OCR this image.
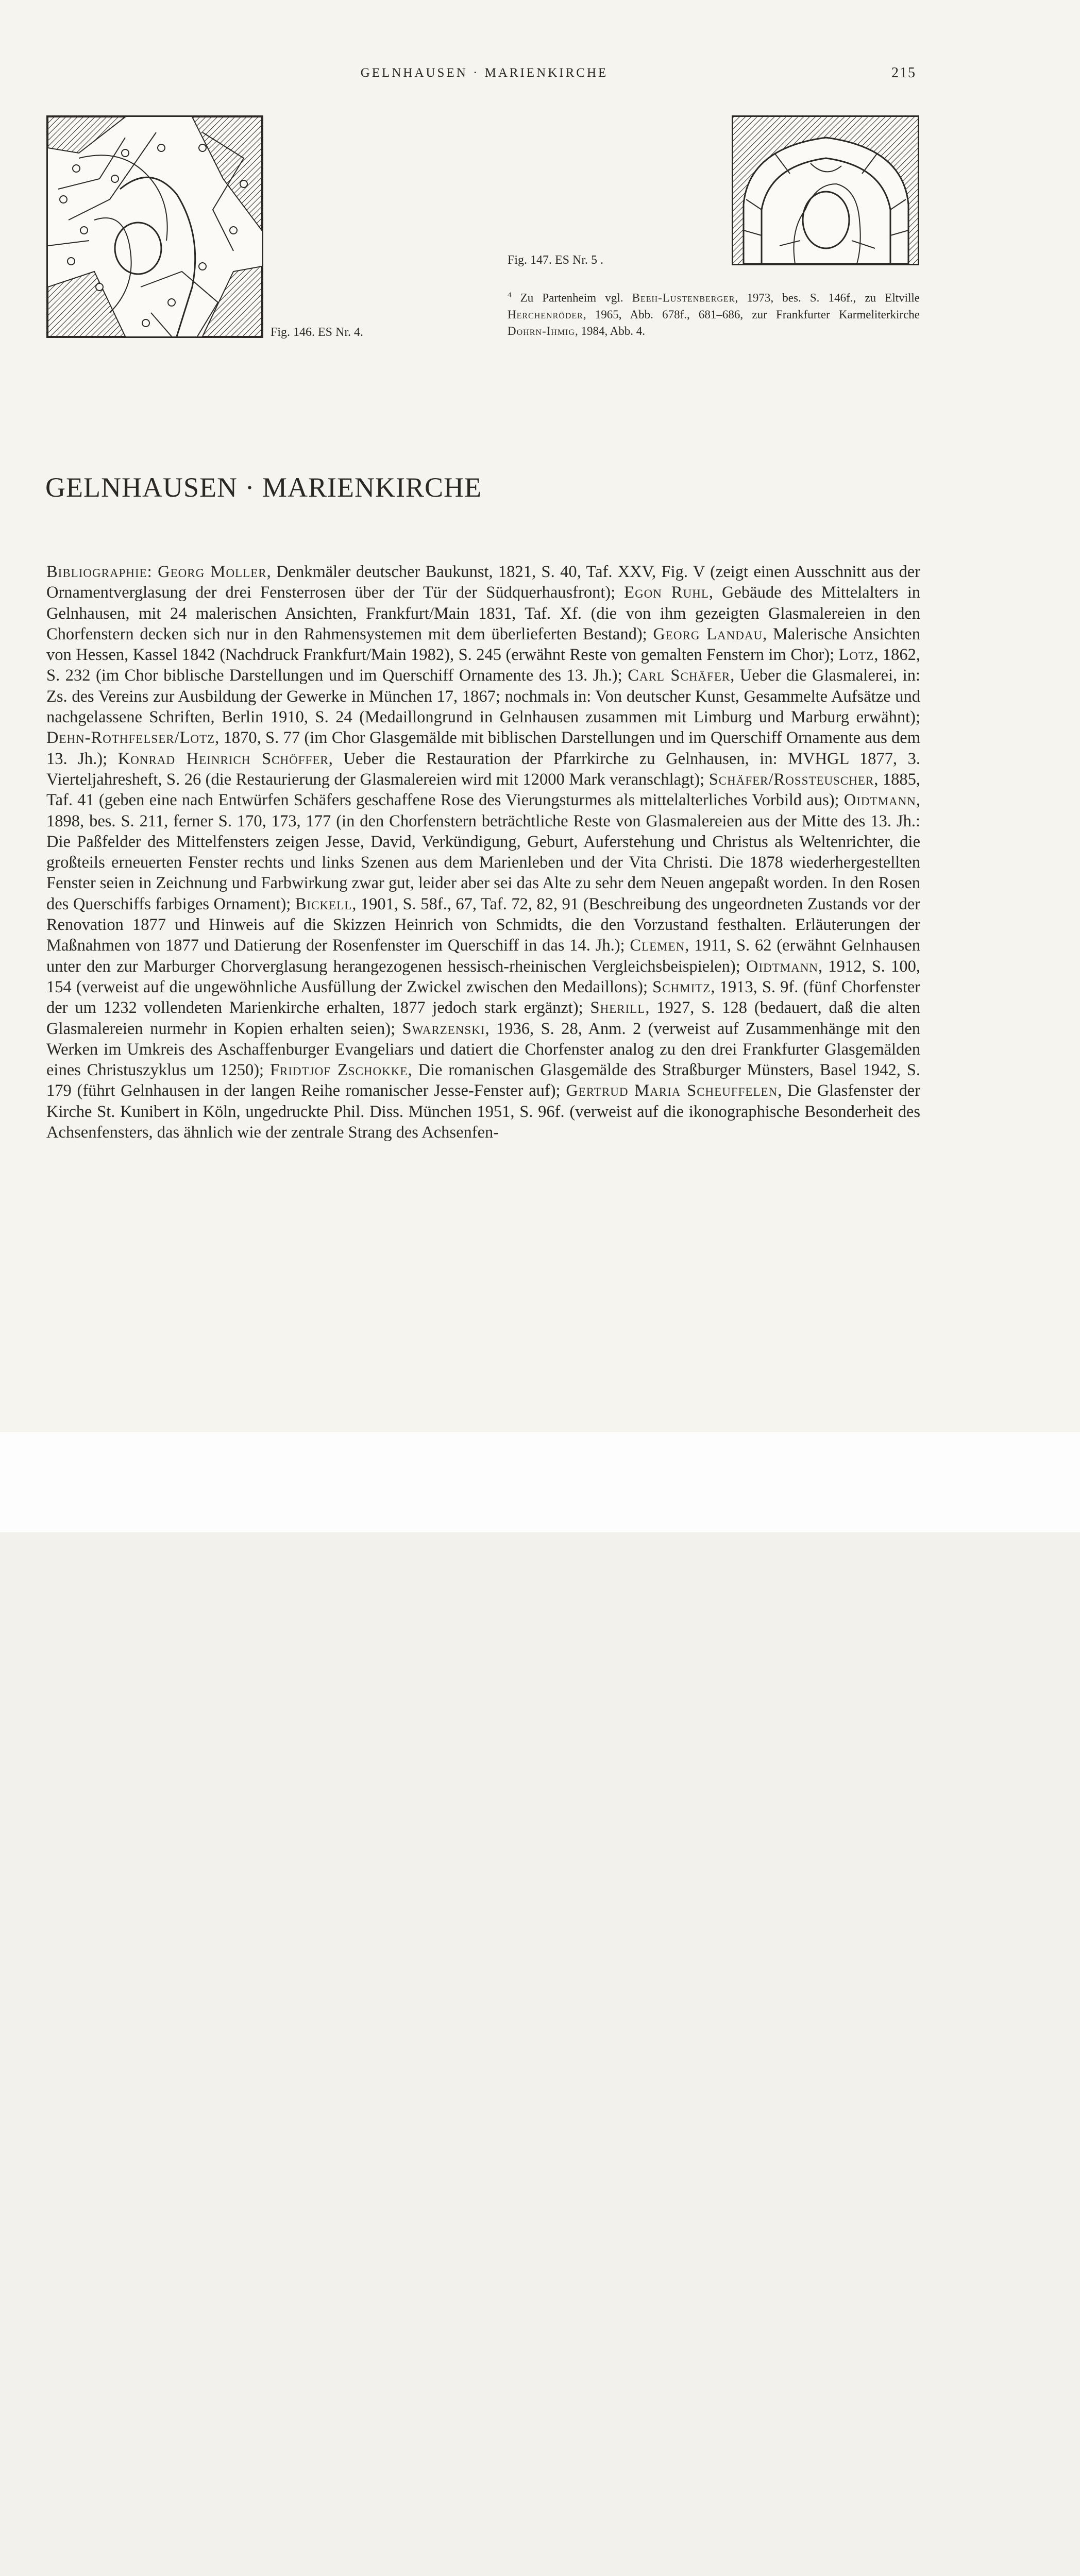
GELNHAUSEN · MARIENKIRCHE	215
Fig. 146. ES Nr. 4.
Fig. 147. ES Nr. 5 .
$^4$ Zu Partenheim vgl. Beeh-Lustenberger, 1973, bes. S. 146f., zu Eltville Herchenröder, 1965, Abb. 678f., 681–686, zur Frankfurter Karmeliterkirche Dohrn-Ihmig, 1984, Abb. 4.
GELNHAUSEN · MARIENKIRCHE
Bibliographie: Georg Moller, Denkmäler deutscher Baukunst, 1821, S. 40, Taf. XXV, Fig. V (zeigt einen Ausschnitt aus der Ornamentverglasung der drei Fensterrosen über der Tür der Südquerhausfront); Egon Ruhl, Gebäude des Mittelalters in Gelnhausen, mit 24 malerischen Ansichten, Frankfurt/Main 1831, Taf. Xf. (die von ihm gezeigten Glasmalereien in den Chorfenstern decken sich nur in den Rahmensystemen mit dem überlieferten Bestand); Georg Landau, Malerische Ansichten von Hessen, Kassel 1842 (Nachdruck Frankfurt/Main 1982), S. 245 (erwähnt Reste von gemalten Fenstern im Chor); Lotz, 1862, S. 232 (im Chor biblische Darstellungen und im Querschiff Ornamente des 13. Jh.); Carl Schäfer, Ueber die Glasmalerei, in: Zs. des Vereins zur Ausbildung der Gewerke in München 17, 1867; nochmals in: Von deutscher Kunst, Gesammelte Aufsätze und nachgelassene Schriften, Berlin 1910, S. 24 (Medaillongrund in Gelnhausen zusammen mit Limburg und Marburg erwähnt); Dehn-Rothfelser/Lotz, 1870, S. 77 (im Chor Glasgemälde mit biblischen Darstellungen und im Querschiff Ornamente aus dem 13. Jh.); Konrad Heinrich Schöffer, Ueber die Restauration der Pfarrkirche zu Gelnhausen, in: MVHGL 1877, 3. Vierteljahresheft, S. 26 (die Restaurierung der Glasmalereien wird mit 12000 Mark veranschlagt); Schäfer/Rossteuscher, 1885, Taf. 41 (geben eine nach Entwürfen Schäfers geschaffene Rose des Vierungsturmes als mittelalterliches Vorbild aus); Oidtmann, 1898, bes. S. 211, ferner S. 170, 173, 177 (in den Chorfenstern beträchtliche Reste von Glasmalereien aus der Mitte des 13. Jh.: Die Paßfelder des Mittelfensters zeigen Jesse, David, Verkündigung, Geburt, Auferstehung und Christus als Weltenrichter, die großteils erneuerten Fenster rechts und links Szenen aus dem Marienleben und der Vita Christi. Die 1878 wiederhergestellten Fenster seien in Zeichnung und Farbwirkung zwar gut, leider aber sei das Alte zu sehr dem Neuen angepaßt worden. In den Rosen des Querschiffs farbiges Ornament); Bickell, 1901, S. 58f., 67, Taf. 72, 82, 91 (Beschreibung des ungeordneten Zustands vor der Renovation 1877 und Hinweis auf die Skizzen Heinrich von Schmidts, die den Vorzustand festhalten. Erläuterungen der Maßnahmen von 1877 und Datierung der Rosenfenster im Querschiff in das 14. Jh.); Clemen, 1911, S. 62 (erwähnt Gelnhausen unter den zur Marburger Chorverglasung herangezogenen hessisch-rheinischen Vergleichsbeispielen); Oidtmann, 1912, S. 100, 154 (verweist auf die ungewöhnliche Ausfüllung der Zwickel zwischen den Medaillons); Schmitz, 1913, S. 9f. (fünf Chorfenster der um 1232 vollendeten Marienkirche erhalten, 1877 jedoch stark ergänzt); Sherill, 1927, S. 128 (bedauert, daß die alten Glasmalereien nurmehr in Kopien erhalten seien); Swarzenski, 1936, S. 28, Anm. 2 (verweist auf Zusammenhänge mit den Werken im Umkreis des Aschaffenburger Evangeliars und datiert die Chorfenster analog zu den drei Frankfurter Glasgemälden eines Christuszyklus um 1250); Fridtjof Zschokke, Die romanischen Glasgemälde des Straßburger Münsters, Basel 1942, S. 179 (führt Gelnhausen in der langen Reihe romanischer Jesse-Fenster auf); Gertrud Maria Scheuffelen, Die Glasfenster der Kirche St. Kunibert in Köln, ungedruckte Phil. Diss. München 1951, S. 96f. (verweist auf die ikonographische Besonderheit des Achsenfensters, das ähnlich wie der zentrale Strang des Achsenfen-
